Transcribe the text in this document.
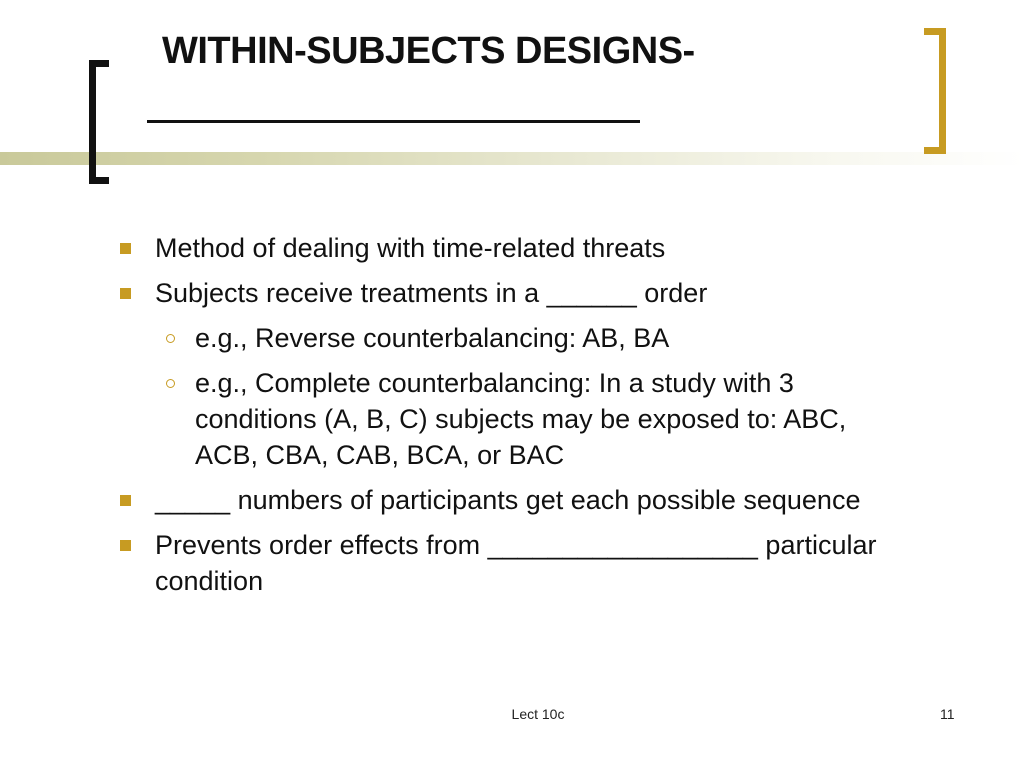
WITHIN-SUBJECTS DESIGNS-
Method of dealing with time-related threats
Subjects receive treatments in a ______ order
e.g., Reverse counterbalancing: AB, BA
e.g., Complete counterbalancing: In a study with 3 conditions (A, B, C) subjects may be exposed to: ABC, ACB, CBA, CAB, BCA, or BAC
_____ numbers of participants get each possible sequence
Prevents order effects from __________________ particular condition
Lect 10c	11
